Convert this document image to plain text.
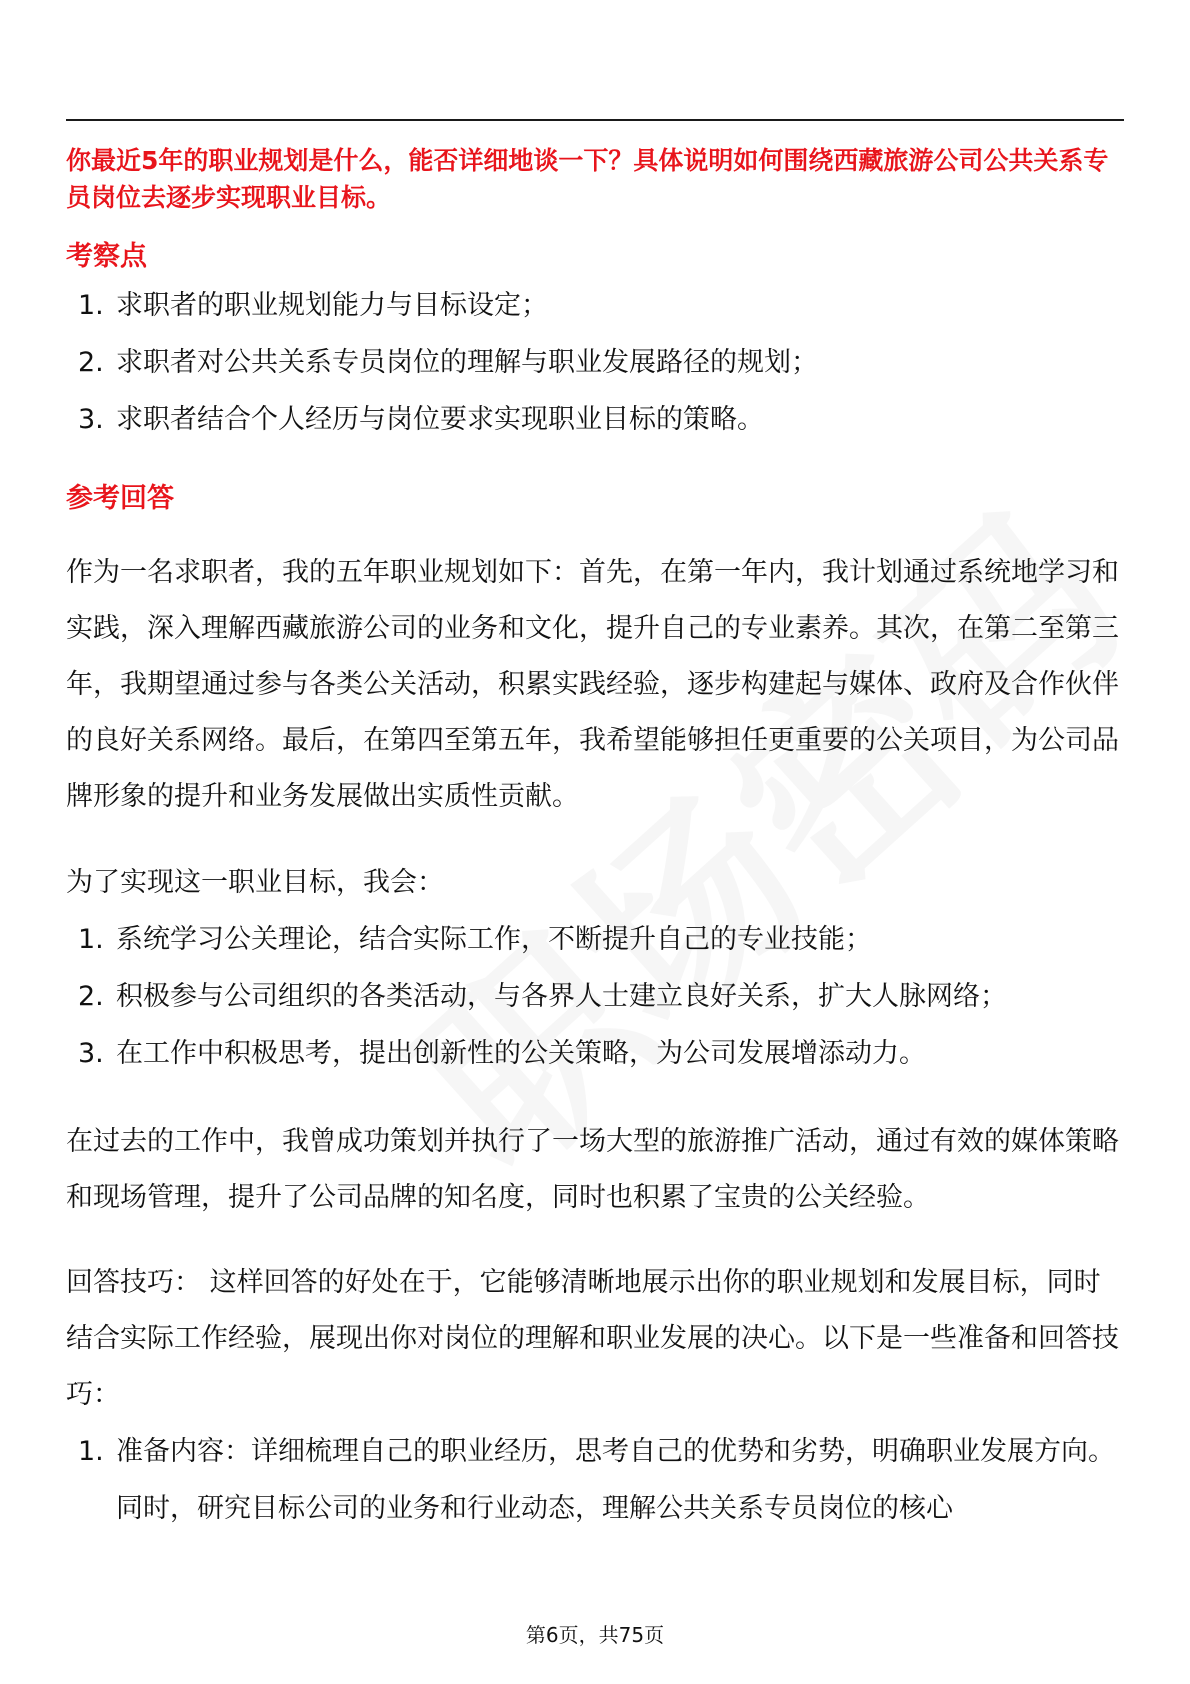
你最近5年的职业规划是什么，能否详细地谈一下？具体说明如何围绕西藏旅游公司公共关系专员岗位去逐步实现职业目标。

考察点
1. 求职者的职业规划能力与目标设定；
2. 求职者对公共关系专员岗位的理解与职业发展路径的规划；
3. 求职者结合个人经历与岗位要求实现职业目标的策略。
参考回答

作为一名求职者，我的五年职业规划如下：首先，在第一年内，我计划通过系统地学习和实践，深入理解西藏旅游公司的业务和文化，提升自己的专业素养。其次，在第二至第三年，我期望通过参与各类公关活动，积累实践经验，逐步构建起与媒体、政府及合作伙伴的良好关系网络。最后，在第四至第五年，我希望能够担任更重要的公关项目，为公司品牌形象的提升和业务发展做出实质性贡献。

为了实现这一职业目标，我会：

1. 系统学习公关理论，结合实际工作，不断提升自己的专业技能；
2. 积极参与公司组织的各类活动，与各界人士建立良好关系，扩大人脉网络；
3. 在工作中积极思考，提出创新性的公关策略，为公司发展增添动力。

在过去的工作中，我曾成功策划并执行了一场大型的旅游推广活动，通过有效的媒体策略和现场管理，提升了公司品牌的知名度，同时也积累了宝贵的公关经验。

回答技巧： 这样回答的好处在于，它能够清晰地展示出你的职业规划和发展目标，同时结合实际工作经验，展现出你对岗位的理解和职业发展的决心。以下是一些准备和回答技巧：

1. 准备内容：详细梳理自己的职业经历，思考自己的优势和劣势，明确职业发展方向。同时，研究目标公司的业务和行业动态，理解公共关系专员岗位的核心
第6页，共75页
